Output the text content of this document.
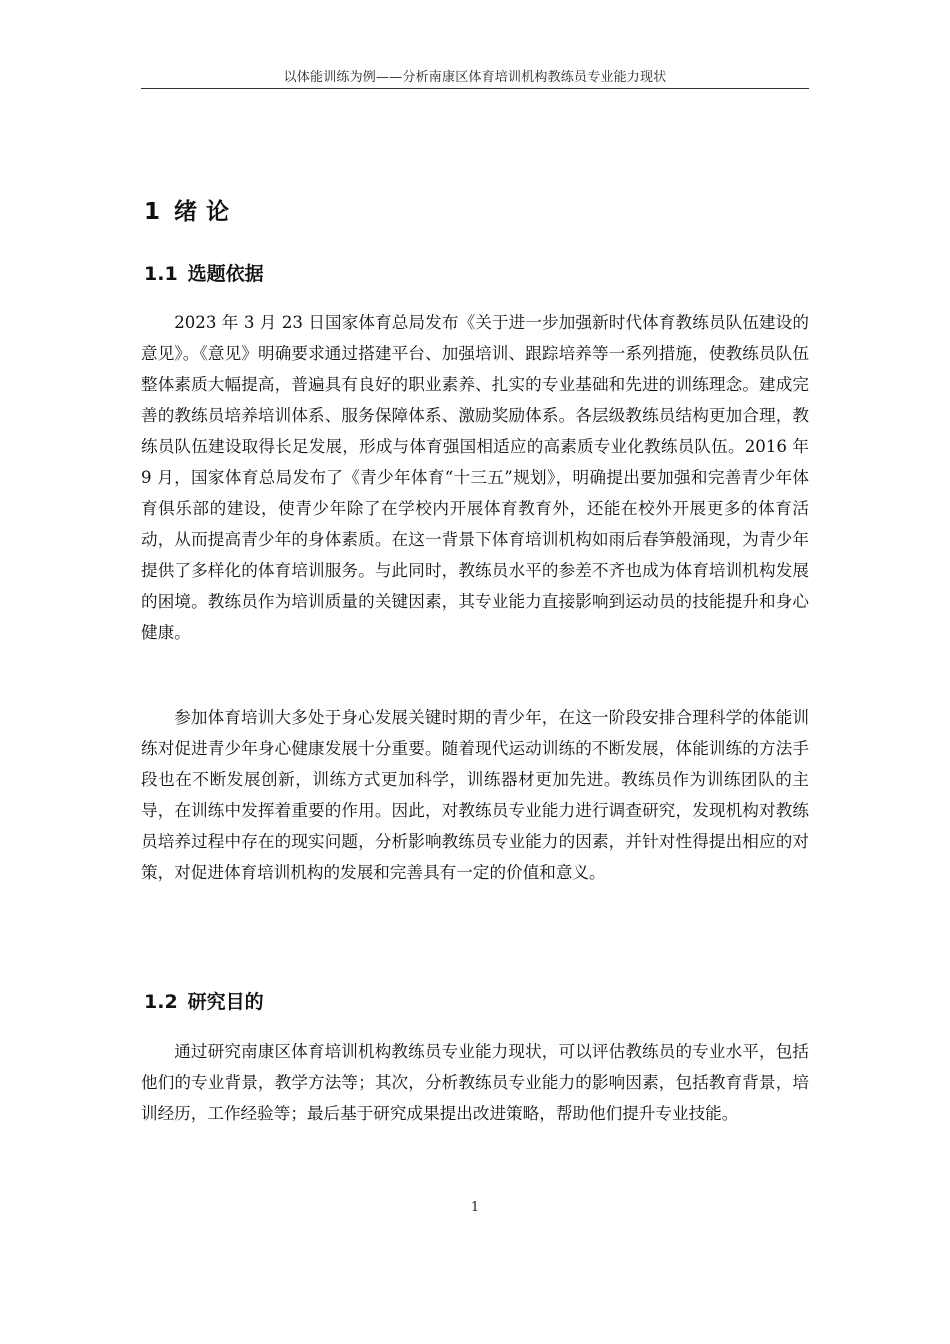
以体能训练为例——分析南康区体育培训机构教练员专业能力现状
1 绪论
1.1 选题依据

2023 年 3 月 23 日国家体育总局发布《关于进一步加强新时代体育教练员队伍建设的意见》。《意见》明确要求通过搭建平台、加强培训、跟踪培养等一系列措施，使教练员队伍整体素质大幅提高，普遍具有良好的职业素养、扎实的专业基础和先进的训练理念。建成完善的教练员培养培训体系、服务保障体系、激励奖励体系。各层级教练员结构更加合理，教练员队伍建设取得长足发展，形成与体育强国相适应的高素质专业化教练员队伍。2016 年 9 月，国家体育总局发布了《青少年体育“十三五”规划》，明确提出要加强和完善青少年体育俱乐部的建设，使青少年除了在学校内开展体育教育外，还能在校外开展更多的体育活动，从而提高青少年的身体素质。在这一背景下体育培训机构如雨后春笋般涌现，为青少年提供了多样化的体育培训服务。与此同时，教练员水平的参差不齐也成为体育培训机构发展的困境。教练员作为培训质量的关键因素，其专业能力直接影响到运动员的技能提升和身心健康。

参加体育培训大多处于身心发展关键时期的青少年，在这一阶段安排合理科学的体能训练对促进青少年身心健康发展十分重要。随着现代运动训练的不断发展，体能训练的方法手段也在不断发展创新，训练方式更加科学，训练器材更加先进。教练员作为训练团队的主导，在训练中发挥着重要的作用。因此，对教练员专业能力进行调查研究，发现机构对教练员培养过程中存在的现实问题，分析影响教练员专业能力的因素，并针对性得提出相应的对策，对促进体育培训机构的发展和完善具有一定的价值和意义。

1.2 研究目的

通过研究南康区体育培训机构教练员专业能力现状，可以评估教练员的专业水平，包括他们的专业背景，教学方法等；其次，分析教练员专业能力的影响因素，包括教育背景，培训经历，工作经验等；最后基于研究成果提出改进策略，帮助他们提升专业技能。

1
